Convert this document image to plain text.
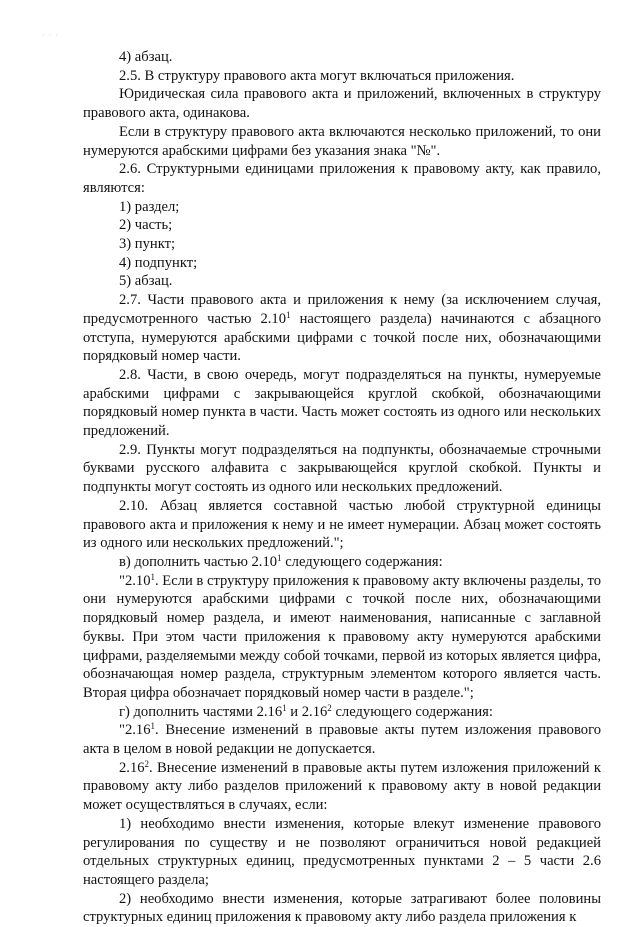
· · ·

4) абзац.

2.5. В структуру правового акта могут включаться приложения.

Юридическая сила правового акта и приложений, включенных в структуру правового акта, одинакова.

Если в структуру правового акта включаются несколько приложений, то они нумеруются арабскими цифрами без указания знака "№".

2.6. Структурными единицами приложения к правовому акту, как правило, являются:

1) раздел;

2) часть;

3) пункт;

4) подпункт;

5) абзац.

2.7. Части правового акта и приложения к нему (за исключением случая, предусмотренного частью 2.10$^1$ настоящего раздела) начинаются с абзацного отступа, нумеруются арабскими цифрами с точкой после них, обозначающими порядковый номер части.

2.8. Части, в свою очередь, могут подразделяться на пункты, нумеруемые арабскими цифрами с закрывающейся круглой скобкой, обозначающими порядковый номер пункта в части. Часть может состоять из одного или нескольких предложений.

2.9. Пункты могут подразделяться на подпункты, обозначаемые строчными буквами русского алфавита с закрывающейся круглой скобкой. Пункты и подпункты могут состоять из одного или нескольких предложений.

2.10. Абзац является составной частью любой структурной единицы правового акта и приложения к нему и не имеет нумерации. Абзац может состоять из одного или нескольких предложений.";

в) дополнить частью 2.10$^1$ следующего содержания:

"2.10$^1$. Если в структуру приложения к правовому акту включены разделы, то они нумеруются арабскими цифрами с точкой после них, обозначающими порядковый номер раздела, и имеют наименования, написанные с заглавной буквы. При этом части приложения к правовому акту нумеруются арабскими цифрами, разделяемыми между собой точками, первой из которых является цифра, обозначающая номер раздела, структурным элементом которого является часть. Вторая цифра обозначает порядковый номер части в разделе.";

г) дополнить частями 2.16$^1$ и 2.16$^2$ следующего содержания:

"2.16$^1$. Внесение изменений в правовые акты путем изложения правового акта в целом в новой редакции не допускается.

2.16$^2$. Внесение изменений в правовые акты путем изложения приложений к правовому акту либо разделов приложений к правовому акту в новой редакции может осуществляться в случаях, если:

1) необходимо внести изменения, которые влекут изменение правового регулирования по существу и не позволяют ограничиться новой редакцией отдельных структурных единиц, предусмотренных пунктами 2 – 5 части 2.6 настоящего раздела;

2) необходимо внести изменения, которые затрагивают более половины структурных единиц приложения к правовому акту либо раздела приложения к
